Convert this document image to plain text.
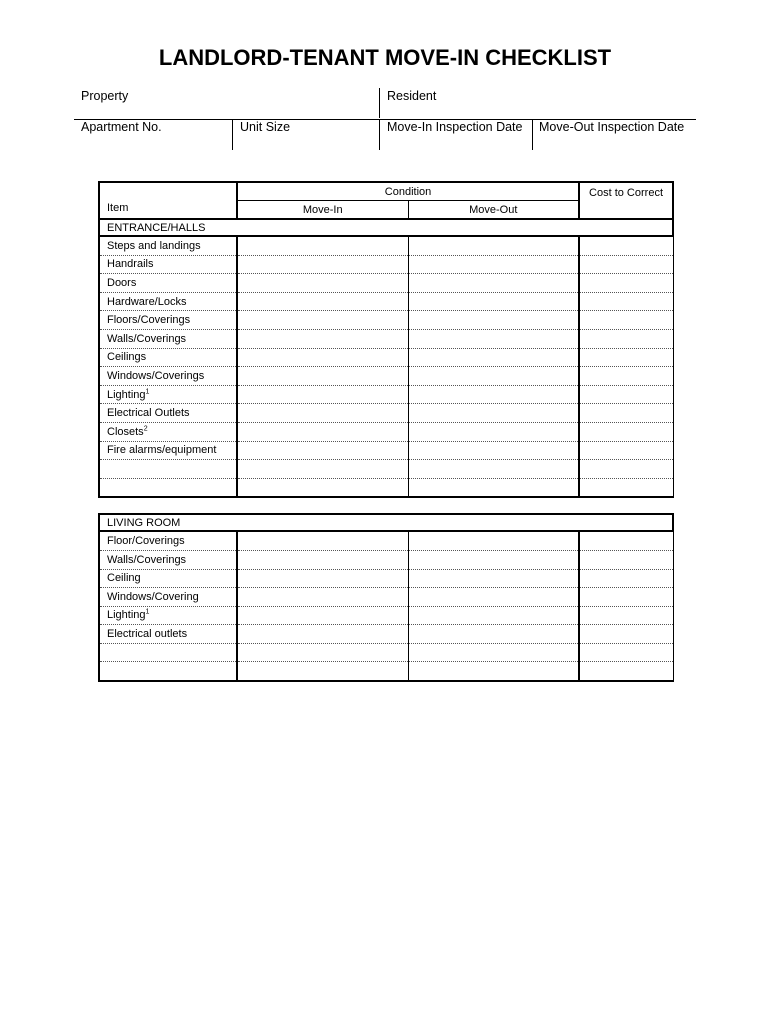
LANDLORD-TENANT MOVE-IN CHECKLIST
Property	Resident
Apartment No.	Unit Size	Move-In Inspection Date Move-Out Inspection Date
Item	Condition		Cost to Correct
	Move-In	Move-Out	
ENTRANCE/HALLS			
Steps and landings			
Handrails			
Doors			
Hardware/Locks			
Floors/Coverings			
Walls/Coverings			
Ceilings			
Windows/Coverings			
Lighting$^1$			
Electrical Outlets			
Closets$^2$			
Fire alarms/equipment			

LIVING ROOM			
Floor/Coverings			
Walls/Coverings			
Ceiling			
Windows/Covering			
Lighting$^1$			
Electrical outlets			
